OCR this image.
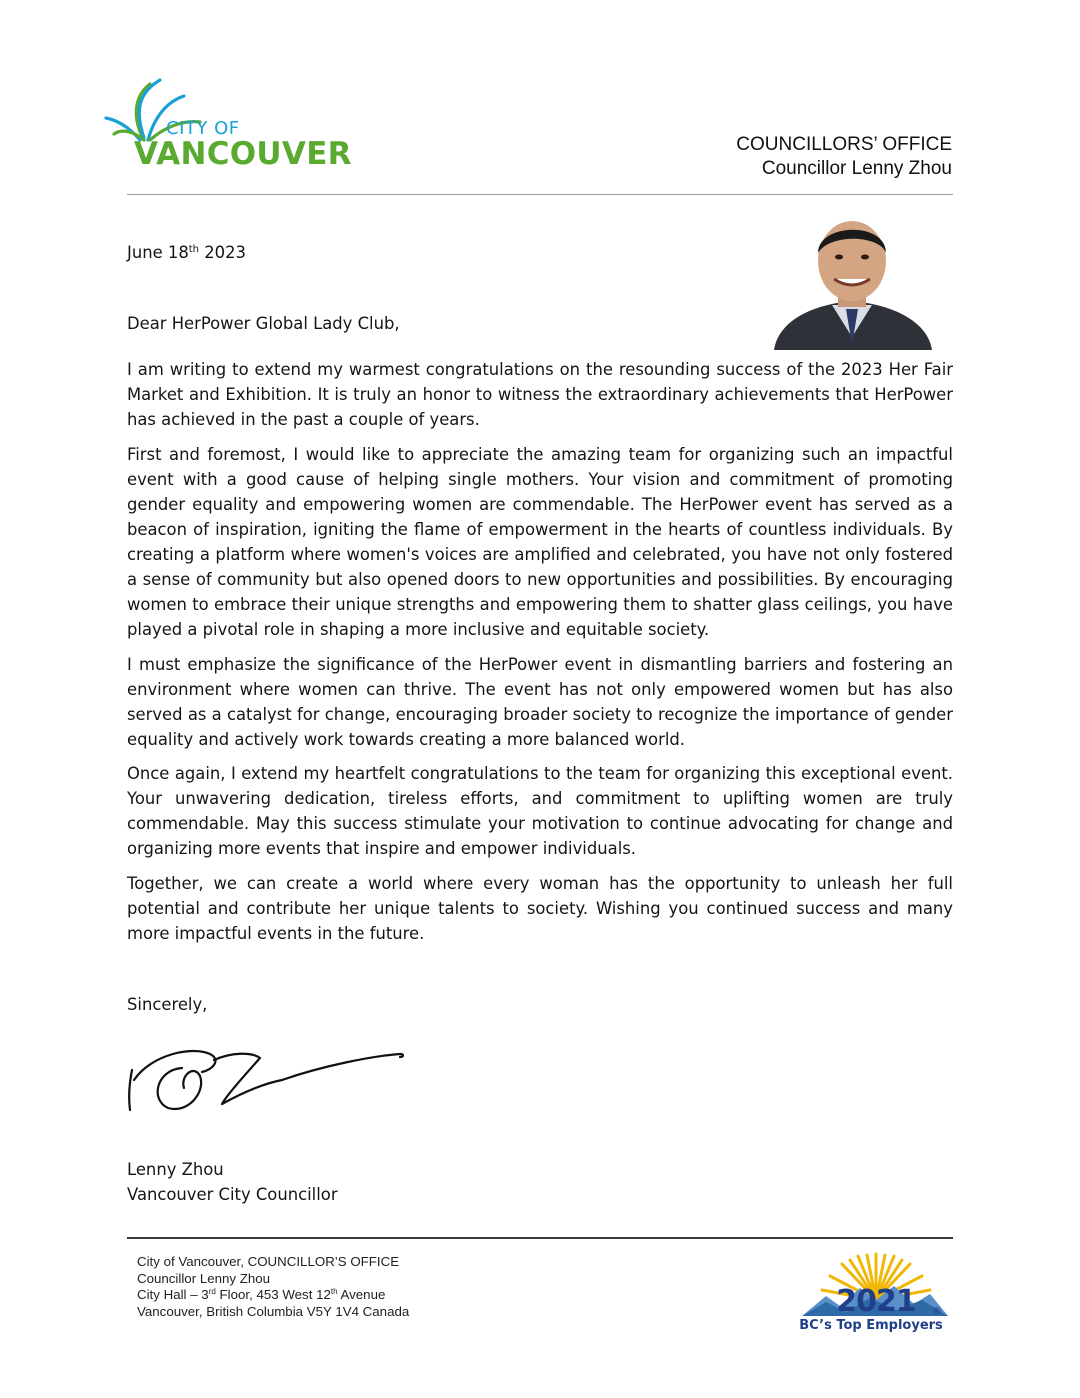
CITY OF
VANCOUVER	COUNCILLORS’ OFFICE
Councillor Lenny Zhou
June 18th 2023
Dear HerPower Global Lady Club,
I am writing to extend my warmest congratulations on the resounding success of the 2023 Her Fair Market and Exhibition. It is truly an honor to witness the extraordinary achievements that HerPower has achieved in the past a couple of years.
First and foremost, I would like to appreciate the amazing team for organizing such an impactful event with a good cause of helping single mothers. Your vision and commitment of promoting gender equality and empowering women are commendable. The HerPower event has served as a beacon of inspiration, igniting the flame of empowerment in the hearts of countless individuals. By creating a platform where women's voices are amplified and celebrated, you have not only fostered a sense of community but also opened doors to new opportunities and possibilities. By encouraging women to embrace their unique strengths and empowering them to shatter glass ceilings, you have played a pivotal role in shaping a more inclusive and equitable society.
I must emphasize the significance of the HerPower event in dismantling barriers and fostering an environment where women can thrive. The event has not only empowered women but has also served as a catalyst for change, encouraging broader society to recognize the importance of gender equality and actively work towards creating a more balanced world.
Once again, I extend my heartfelt congratulations to the team for organizing this exceptional event. Your unwavering dedication, tireless efforts, and commitment to uplifting women are truly commendable. May this success stimulate your motivation to continue advocating for change and organizing more events that inspire and empower individuals.
Together, we can create a world where every woman has the opportunity to unleash her full potential and contribute her unique talents to society. Wishing you continued success and many more impactful events in the future.
Sincerely,
Lenny Zhou
Vancouver City Councillor
City of Vancouver, COUNCILLOR’S OFFICE
Councillor Lenny Zhou
City Hall – 3rd Floor, 453 West 12th Avenue
Vancouver, British Columbia V5Y 1V4 Canada	2021	®
BC’s Top Employers
